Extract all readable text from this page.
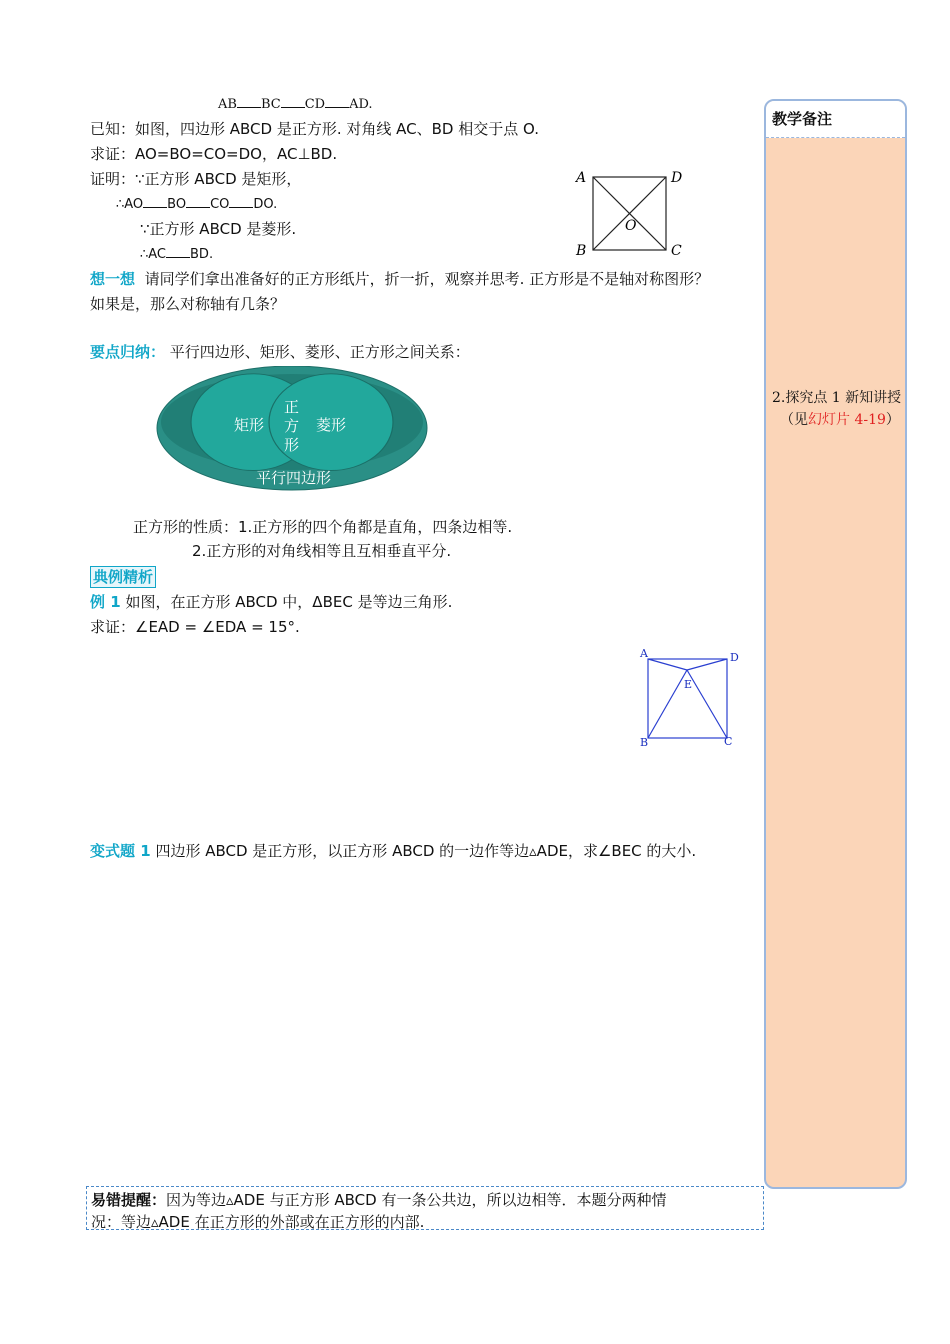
AB BC CD AD.
已知：如图，四边形 ABCD 是正方形. 对角线 AC、BD 相交于点 O.
求证：AO=BO=CO=DO，AC⊥BD.
证明：∵正方形 ABCD 是矩形，
∴AO BO CO DO.
∵正方形 ABCD 是菱形.
∴AC BD.
A	D
B	C
O
想一想 请同学们拿出准备好的正方形纸片，折一折，观察并思考. 正方形是不是轴对称图形？
如果是，那么对称轴有几条？
要点归纳： 平行四边形、矩形、菱形、正方形之间关系：
矩形	菱形
正
方
形
平行四边形
正方形的性质：1.正方形的四个角都是直角，四条边相等.
2.正方形的对角线相等且互相垂直平分.
典例精析
例 1 如图，在正方形 ABCD 中，ΔBEC 是等边三角形.
求证：∠EAD = ∠EDA = 15°.
A	D
E
B	C
变式题 1 四边形 ABCD 是正方形，以正方形 ABCD 的一边作等边▵ADE，求∠BEC 的大小.
易错提醒：因为等边▵ADE 与正方形 ABCD 有一条公共边，所以边相等．本题分两种情
况：等边▵ADE 在正方形的外部或在正方形的内部.
教学备注
2.探究点 1 新知讲授
（见幻灯片 4-19）
